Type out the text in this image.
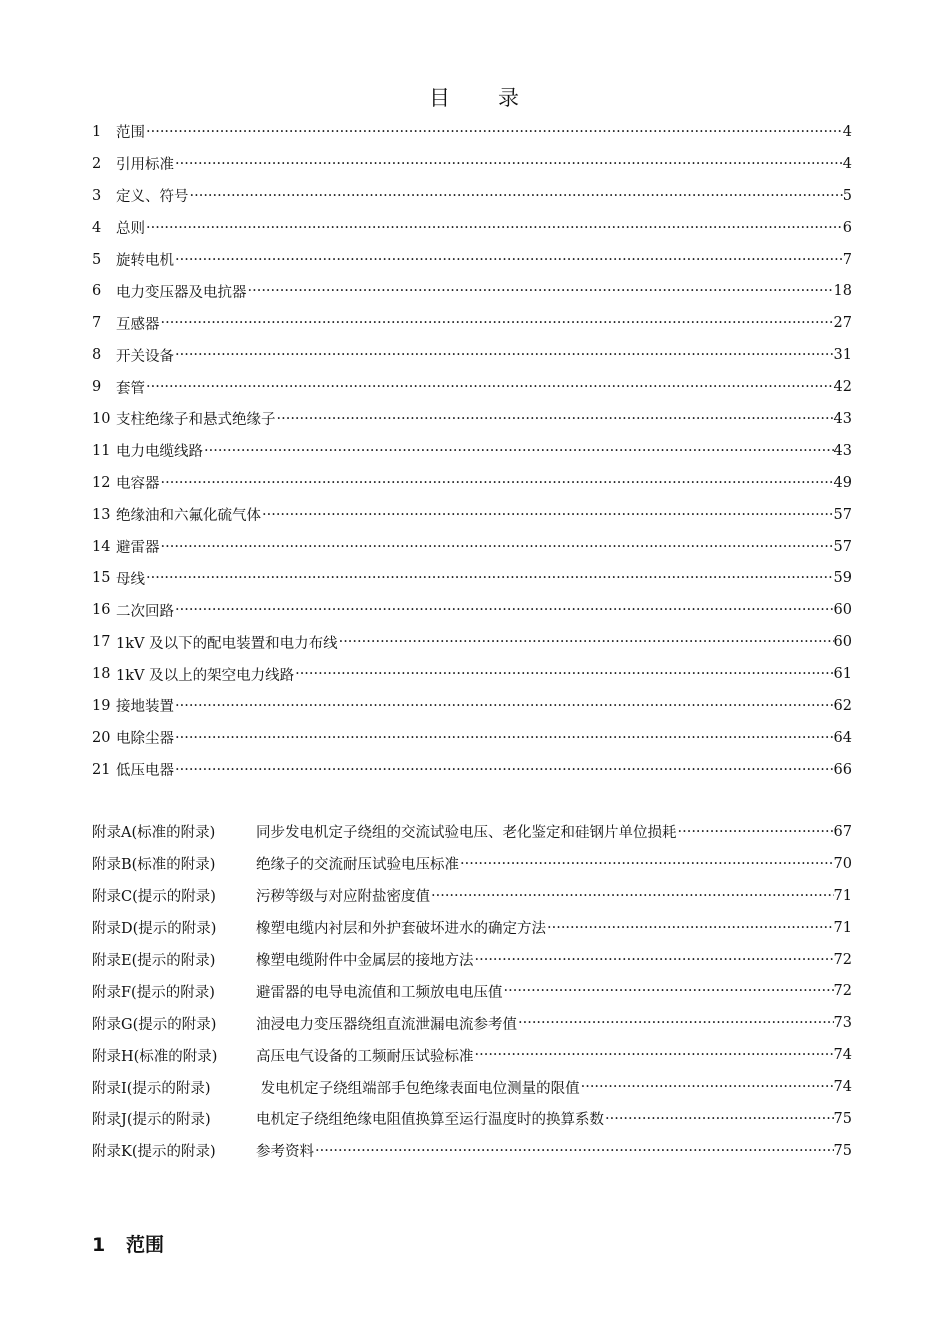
目　　录
1	范围 ·····	4
2	引用标准 ·····	4
3	定义、符号 ·····	5
4	总则 ·····	6
5	旋转电机 ·····	7
6	电力变压器及电抗器 ·····	18
7	互感器 ·····	27
8	开关设备 ·····	31
9	套管 ·····	42
10 支柱绝缘子和悬式绝缘子 ·····	43
11 电力电缆线路 ·····	43
12 电容器 ·····	49
13 绝缘油和六氟化硫气体 ·····	57
14 避雷器 ·····	57
15 母线 ·····	59
16 二次回路 ·····	60
17 1kV 及以下的配电装置和电力布线 ·····	60
18 1kV 及以上的架空电力线路 ·····	61
19 接地装置 ·····	62
20 电除尘器 ·····	64
21 低压电器 ·····	66
附录A(标准的附录)	同步发电机定子绕组的交流试验电压、老化鉴定和硅钢片单位损耗 ·····	67
附录B(标准的附录)	绝缘子的交流耐压试验电压标准 ·····	70
附录C(提示的附录)	污秽等级与对应附盐密度值 ·····	71
附录D(提示的附录)	橡塑电缆内衬层和外护套破坏进水的确定方法 ·····	71
附录E(提示的附录)	橡塑电缆附件中金属层的接地方法 ·····	72
附录F(提示的附录)	避雷器的电导电流值和工频放电电压值 ·····	72
附录G(提示的附录)	油浸电力变压器绕组直流泄漏电流参考值 ·····	73
附录H(标准的附录)	高压电气设备的工频耐压试验标准 ·····	74
附录I(提示的附录)	发电机定子绕组端部手包绝缘表面电位测量的限值 ·····	74
附录J(提示的附录)	电机定子绕组绝缘电阻值换算至运行温度时的换算系数 ·····	75
附录K(提示的附录)	参考资料 ·····	75
1 范围
